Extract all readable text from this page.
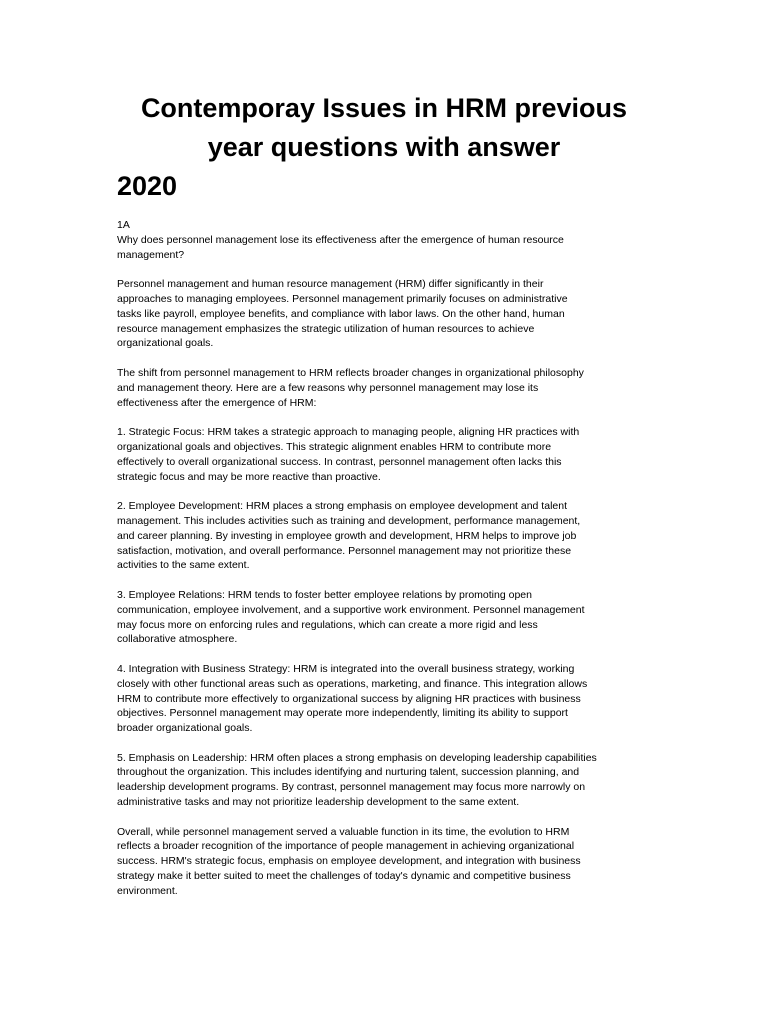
Contemporay Issues in HRM previous
year questions with answer
2020

1A

Why does personnel management lose its effectiveness after the emergence of human resource
management?

Personnel management and human resource management (HRM) differ significantly in their
approaches to managing employees. Personnel management primarily focuses on administrative
tasks like payroll, employee benefits, and compliance with labor laws. On the other hand, human
resource management emphasizes the strategic utilization of human resources to achieve
organizational goals.

The shift from personnel management to HRM reflects broader changes in organizational philosophy
and management theory. Here are a few reasons why personnel management may lose its
effectiveness after the emergence of HRM:

1. Strategic Focus: HRM takes a strategic approach to managing people, aligning HR practices with
organizational goals and objectives. This strategic alignment enables HRM to contribute more
effectively to overall organizational success. In contrast, personnel management often lacks this
strategic focus and may be more reactive than proactive.

2. Employee Development: HRM places a strong emphasis on employee development and talent
management. This includes activities such as training and development, performance management,
and career planning. By investing in employee growth and development, HRM helps to improve job
satisfaction, motivation, and overall performance. Personnel management may not prioritize these
activities to the same extent.

3. Employee Relations: HRM tends to foster better employee relations by promoting open
communication, employee involvement, and a supportive work environment. Personnel management
may focus more on enforcing rules and regulations, which can create a more rigid and less
collaborative atmosphere.

4. Integration with Business Strategy: HRM is integrated into the overall business strategy, working
closely with other functional areas such as operations, marketing, and finance. This integration allows
HRM to contribute more effectively to organizational success by aligning HR practices with business
objectives. Personnel management may operate more independently, limiting its ability to support
broader organizational goals.

5. Emphasis on Leadership: HRM often places a strong emphasis on developing leadership capabilities
throughout the organization. This includes identifying and nurturing talent, succession planning, and
leadership development programs. By contrast, personnel management may focus more narrowly on
administrative tasks and may not prioritize leadership development to the same extent.

Overall, while personnel management served a valuable function in its time, the evolution to HRM
reflects a broader recognition of the importance of people management in achieving organizational
success. HRM's strategic focus, emphasis on employee development, and integration with business
strategy make it better suited to meet the challenges of today's dynamic and competitive business
environment.
